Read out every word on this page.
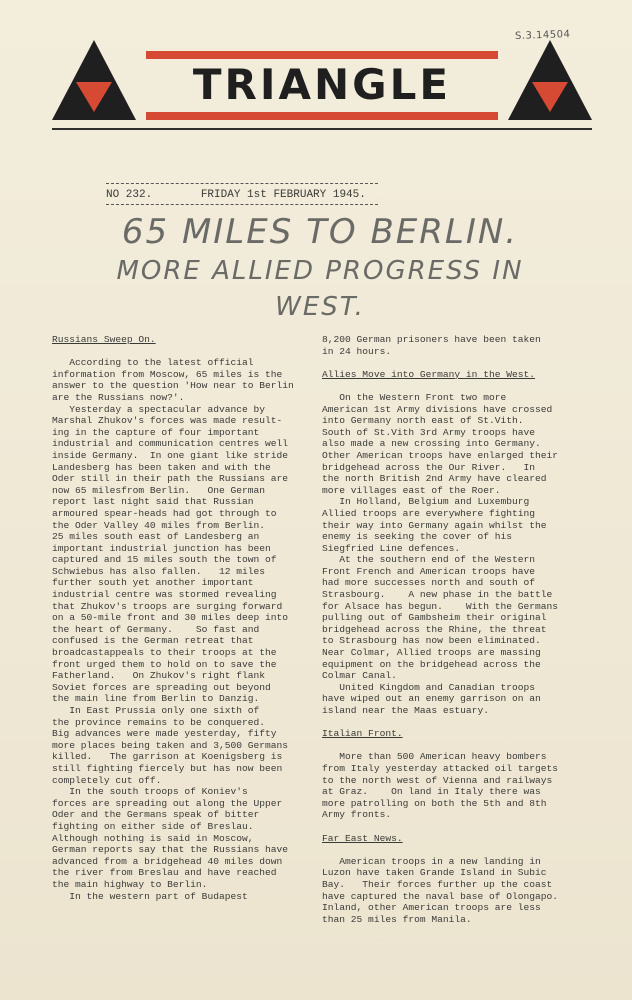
S.3.14504
TRIANGLE
NO 232.	FRIDAY 1st FEBRUARY 1945.
65 MILES TO BERLIN.
MORE ALLIED PROGRESS IN
WEST.

Russians Sweep On.

According to the latest official

information from Moscow, 65 miles is the

answer to the question 'How near to Berlin

are the Russians now?'.

Yesterday a spectacular advance by

Marshal Zhukov's forces was made result-

ing in the capture of four important

industrial and communication centres well

inside Germany.  In one giant like stride

Landesberg has been taken and with the

Oder still in their path the Russians are

now 65 milesfrom Berlin.   One German

report last night said that Russian

armoured spear-heads had got through to

the Oder Valley 40 miles from Berlin.

25 miles south east of Landesberg an

important industrial junction has been

captured and 15 miles south the town of

Schwiebus has also fallen.   12 miles

further south yet another important

industrial centre was stormed revealing

that Zhukov's troops are surging forward

on a 50-mile front and 30 miles deep into

the heart of Germany.    So fast and

confused is the German retreat that

broadcastappeals to their troops at the

front urged them to hold on to save the

Fatherland.   On Zhukov's right flank

Soviet forces are spreading out beyond

the main line from Berlin to Danzig.

In East Prussia only one sixth of

the province remains to be conquered.

Big advances were made yesterday, fifty

more places being taken and 3,500 Germans

killed.   The garrison at Koenigsberg is

still fighting fiercely but has now been

completely cut off.

In the south troops of Koniev's

forces are spreading out along the Upper

Oder and the Germans speak of bitter

fighting on either side of Breslau.

Although nothing is said in Moscow,

German reports say that the Russians have

advanced from a bridgehead 40 miles down

the river from Breslau and have reached

the main highway to Berlin.

In the western part of Budapest

8,200 German prisoners have been taken

in 24 hours.

Allies Move into Germany in the West.

On the Western Front two more

American 1st Army divisions have crossed

into Germany north east of St.Vith.

South of St.Vith 3rd Army troops have

also made a new crossing into Germany.

Other American troops have enlarged their

bridgehead across the Our River.   In

the north British 2nd Army have cleared

more villages east of the Roer.

In Holland, Belgium and Luxemburg

Allied troops are everywhere fighting

their way into Germany again whilst the

enemy is seeking the cover of his

Siegfried Line defences.

At the southern end of the Western

Front French and American troops have

had more successes north and south of

Strasbourg.    A new phase in the battle

for Alsace has begun.    With the Germans

pulling out of Gambsheim their original

bridgehead across the Rhine, the threat

to Strasbourg has now been eliminated.

Near Colmar, Allied troops are massing

equipment on the bridgehead across the

Colmar Canal.

United Kingdom and Canadian troops

have wiped out an enemy garrison on an

island near the Maas estuary.

Italian Front.

More than 500 American heavy bombers

from Italy yesterday attacked oil targets

to the north west of Vienna and railways

at Graz.    On land in Italy there was

more patrolling on both the 5th and 8th

Army fronts.

Far East News.

American troops in a new landing in

Luzon have taken Grande Island in Subic

Bay.   Their forces further up the coast

have captured the naval base of Olongapo.

Inland, other American troops are less

than 25 miles from Manila.
